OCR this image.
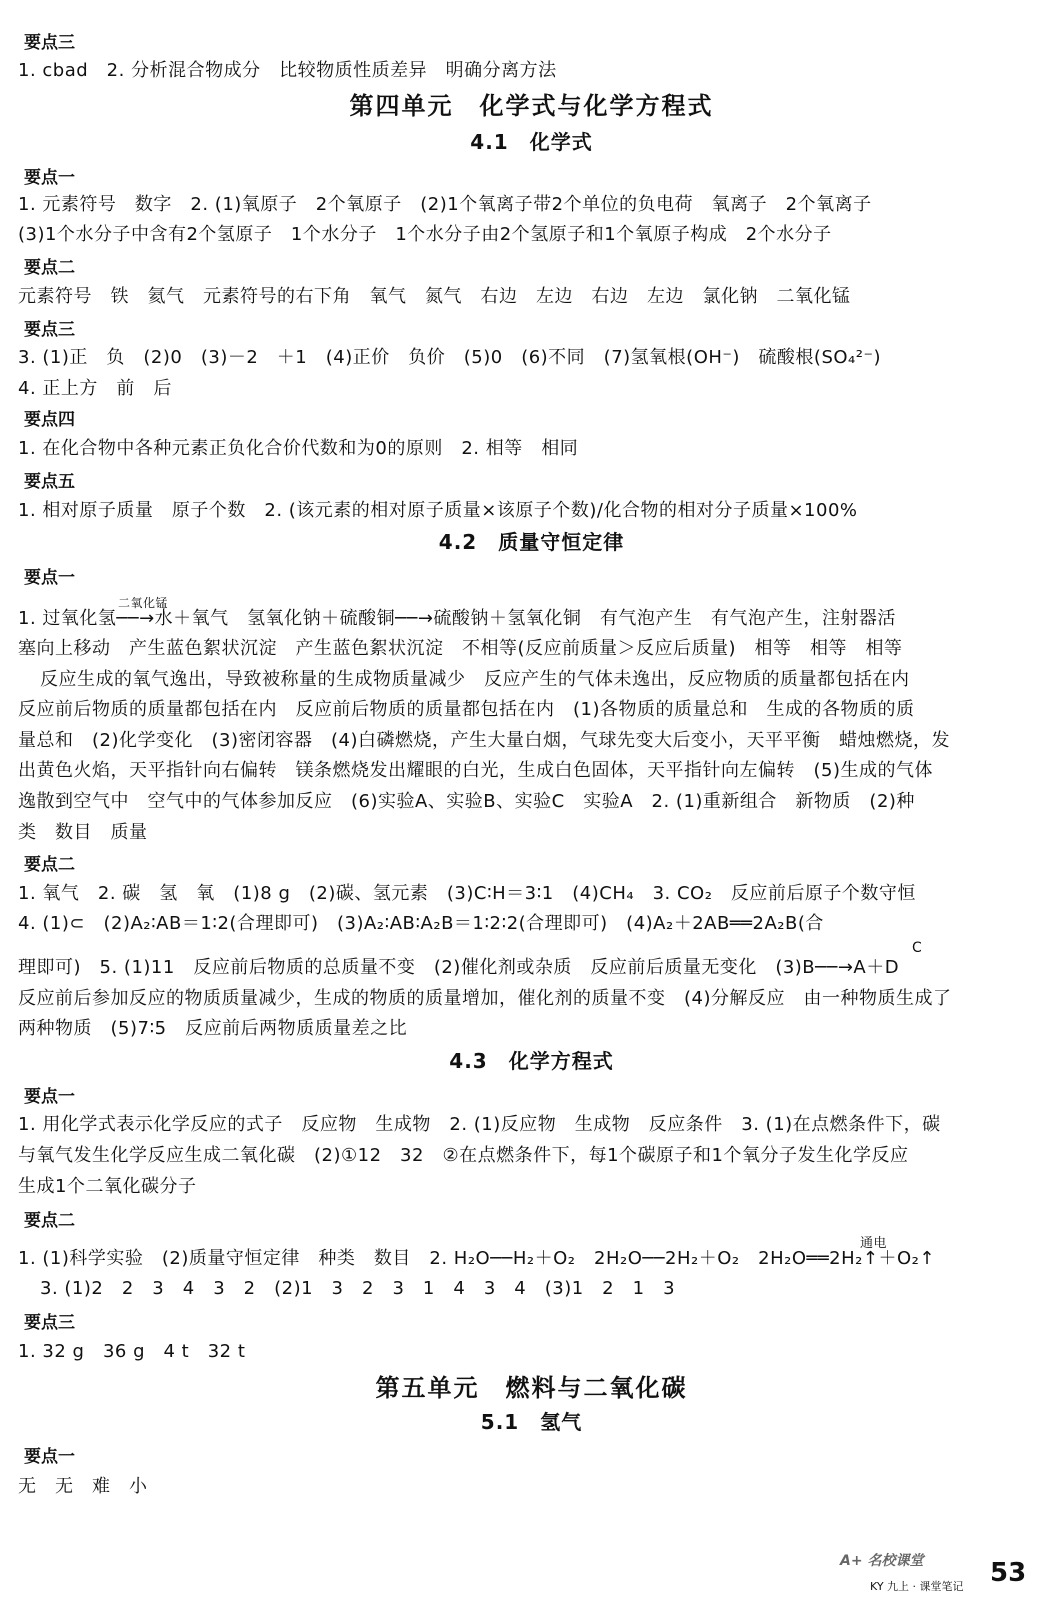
要点三
1. cbad　2. 分析混合物成分　比较物质性质差异　明确分离方法
第四单元　化学式与化学方程式
4.1　化学式
要点一
1. 元素符号　数字　2. (1)氧原子　2个氧原子　(2)1个氧离子带2个单位的负电荷　氧离子　2个氧离子
(3)1个水分子中含有2个氢原子　1个水分子　1个水分子由2个氢原子和1个氧原子构成　2个水分子
要点二
元素符号　铁　氦气　元素符号的右下角　氧气　氮气　右边　左边　右边　左边　氯化钠　二氧化锰
要点三
3. (1)正　负　(2)0　(3)－2　＋1　(4)正价　负价　(5)0　(6)不同　(7)氢氧根(OH⁻)　硫酸根(SO₄²⁻)
4. 正上方　前　后
要点四
1. 在化合物中各种元素正负化合价代数和为0的原则　2. 相等　相同
要点五
1. 相对原子质量　原子个数　2. (该元素的相对原子质量×该原子个数)/化合物的相对分子质量×100%
4.2　质量守恒定律
要点一
二氧化锰
1. 过氧化氢──→水＋氧气　氢氧化钠＋硫酸铜──→硫酸钠＋氢氧化铜　有气泡产生　有气泡产生，注射器活
塞向上移动　产生蓝色絮状沉淀　产生蓝色絮状沉淀　不相等(反应前质量＞反应后质量)　相等　相等　相等
反应生成的氧气逸出，导致被称量的生成物质量减少　反应产生的气体未逸出，反应物质的质量都包括在内
反应前后物质的质量都包括在内　反应前后物质的质量都包括在内　(1)各物质的质量总和　生成的各物质的质
量总和　(2)化学变化　(3)密闭容器　(4)白磷燃烧，产生大量白烟，气球先变大后变小，天平平衡　蜡烛燃烧，发
出黄色火焰，天平指针向右偏转　镁条燃烧发出耀眼的白光，生成白色固体，天平指针向左偏转　(5)生成的气体
逸散到空气中　空气中的气体参加反应　(6)实验A、实验B、实验C　实验A　2. (1)重新组合　新物质　(2)种
类　数目　质量
要点二
1. 氧气　2. 碳　氢　氧　(1)8 g　(2)碳、氢元素　(3)C∶H＝3∶1　(4)CH₄　3. CO₂　反应前后原子个数守恒
4. (1)⊂　(2)A₂∶AB＝1∶2(合理即可)　(3)A₂∶AB∶A₂B＝1∶2∶2(合理即可)　(4)A₂＋2AB══2A₂B(合
C
理即可)　5. (1)11　反应前后物质的总质量不变　(2)催化剂或杂质　反应前后质量无变化　(3)B──→A＋D
反应前后参加反应的物质质量减少，生成的物质的质量增加，催化剂的质量不变　(4)分解反应　由一种物质生成了
两种物质　(5)7∶5　反应前后两物质质量差之比
4.3　化学方程式
要点一
1. 用化学式表示化学反应的式子　反应物　生成物　2. (1)反应物　生成物　反应条件　3. (1)在点燃条件下，碳
与氧气发生化学反应生成二氧化碳　(2)①12　32　②在点燃条件下，每1个碳原子和1个氧分子发生化学反应
生成1个二氧化碳分子
要点二
通电
1. (1)科学实验　(2)质量守恒定律　种类　数目　2. H₂O──H₂＋O₂　2H₂O──2H₂＋O₂　2H₂O══2H₂↑＋O₂↑
3. (1)2　2　3　4　3　2　(2)1　3　2　3　1　4　3　4　(3)1　2　1　3
要点三
1. 32 g　36 g　4 t　32 t
第五单元　燃料与二氧化碳
5.1　氢气
要点一
无　无　难　小
KY 九上 · 课堂笔记
A+ 名校课堂	53
